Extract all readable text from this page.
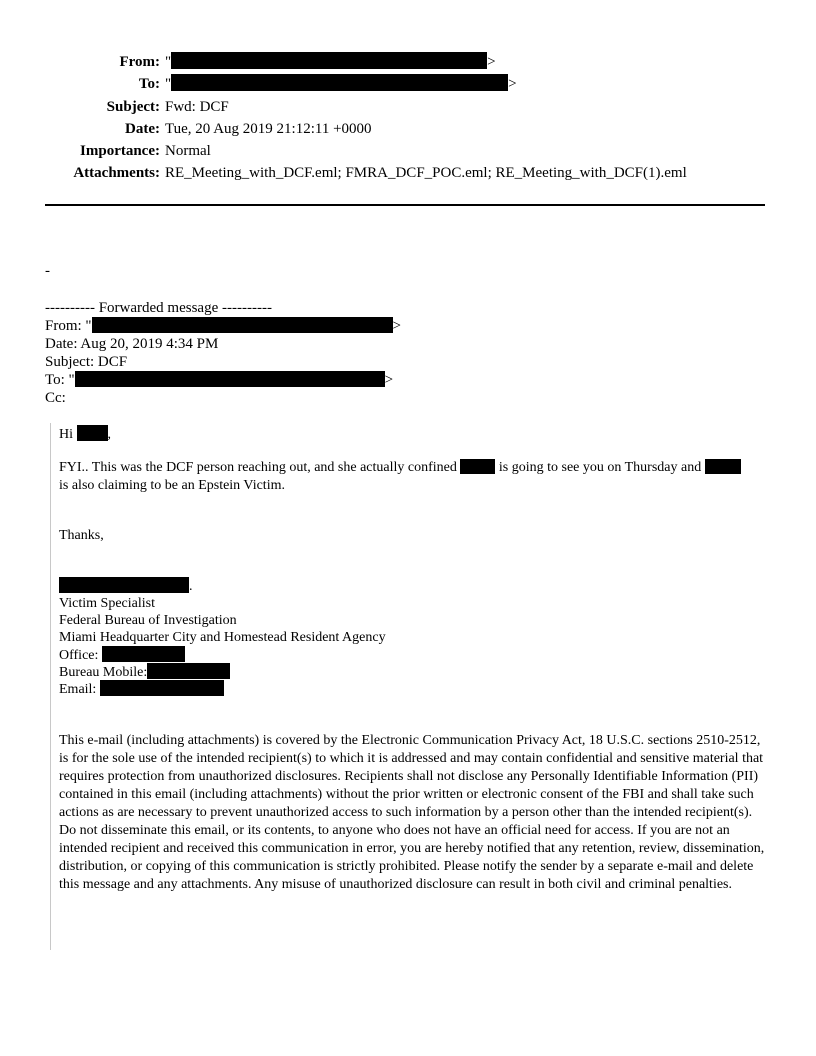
From: "	>
To: "	>
Subject: Fwd: DCF
Date: Tue, 20 Aug 2019 21:12:11 +0000
Importance: Normal
Attachments: RE_Meeting_with_DCF.eml; FMRA_DCF_POC.eml; RE_Meeting_with_DCF(1).eml
-
---------- Forwarded message ----------
From: "	>
Date: Aug 20, 2019 4:34 PM
Subject: DCF
To: "	>
Cc:
Hi ,
FYI.. This was the DCF person reaching out, and she actually confined	is going to see you on Thursday and
is also claiming to be an Epstein Victim.
Thanks,
.
Victim Specialist
Federal Bureau of Investigation
Miami Headquarter City and Homestead Resident Agency
Office:
Bureau Mobile:
Email:
This e-mail (including attachments) is covered by the Electronic Communication Privacy Act, 18 U.S.C. sections 2510-2512, is for the sole use of the intended recipient(s) to which it is addressed and may contain confidential and sensitive material that requires protection from unauthorized disclosures. Recipients shall not disclose any Personally Identifiable Information (PII) contained in this email (including attachments) without the prior written or electronic consent of the FBI and shall take such actions as are necessary to prevent unauthorized access to such information by a person other than the intended recipient(s). Do not disseminate this email, or its contents, to anyone who does not have an official need for access. If you are not an intended recipient and received this communication in error, you are hereby notified that any retention, review, dissemination, distribution, or copying of this communication is strictly prohibited. Please notify the sender by a separate e-mail and delete this message and any attachments. Any misuse of unauthorized disclosure can result in both civil and criminal penalties.
